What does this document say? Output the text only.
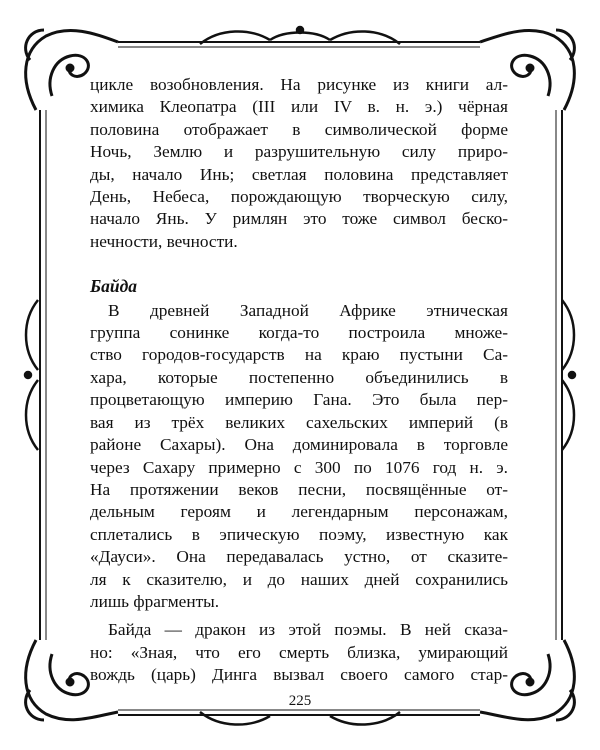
цикле возобновления. На рисунке из книги ал-
химика Клеопатра (III или IV в. н. э.) чёрная
половина отображает в символической форме
Ночь, Землю и разрушительную силу приро-
ды, начало Инь; светлая половина представляет
День, Небеса, порождающую творческую силу,
начало Янь. У римлян это тоже символ беско-
нечности, вечности.

Байда

В древней Западной Африке этническая
группа сонинке когда-то построила множе-
ство городов-государств на краю пустыни Са-
хара, которые постепенно объединились в
процветающую империю Гана. Это была пер-
вая из трёх великих сахельских империй (в
районе Сахары). Она доминировала в торговле
через Сахару примерно с 300 по 1076 год н. э.
На протяжении веков песни, посвящённые от-
дельным героям и легендарным персонажам,
сплетались в эпическую поэму, известную как
«Дауси». Она передавалась устно, от сказите-
ля к сказителю, и до наших дней сохранились
лишь фрагменты.

Байда — дракон из этой поэмы. В ней сказа-
но: «Зная, что его смерть близка, умирающий
вождь (царь) Динга вызвал своего самого стар-

225
